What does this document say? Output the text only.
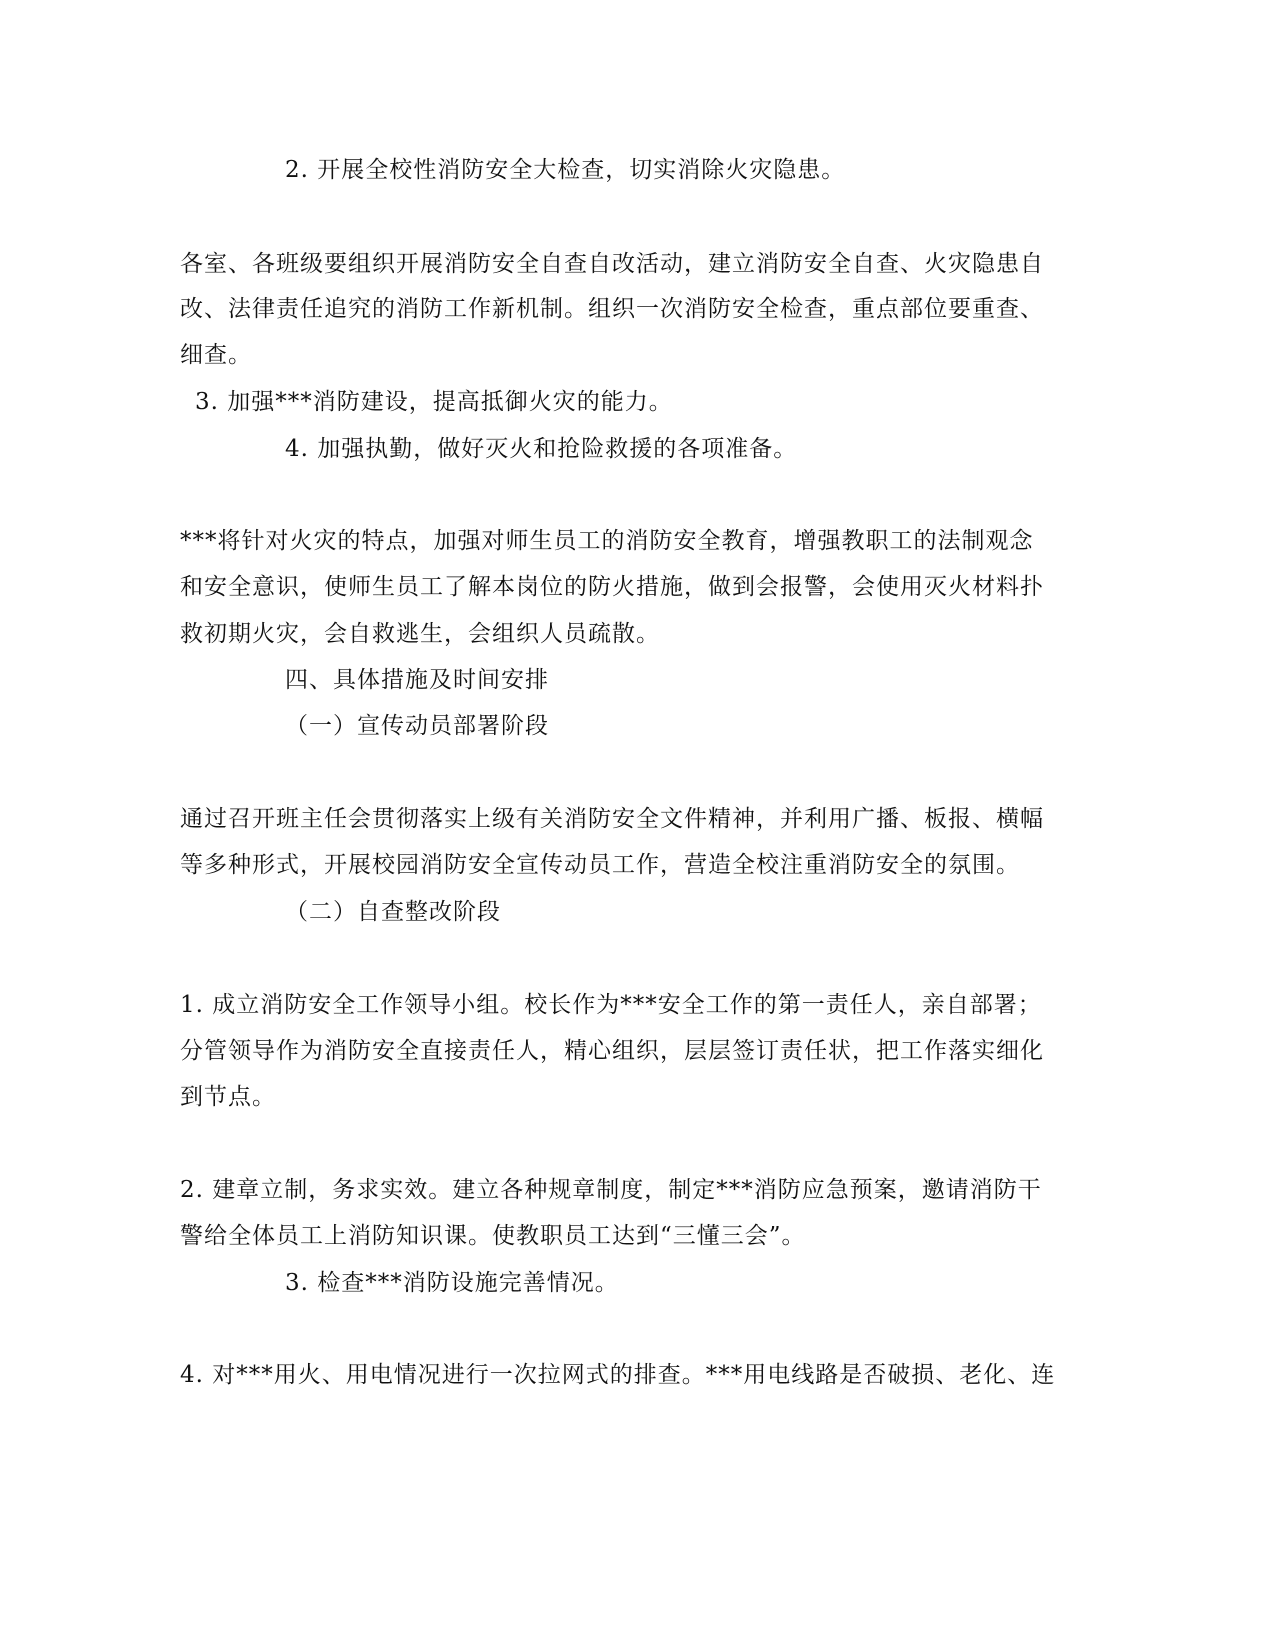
2. 开展全校性消防安全大检查，切实消除火灾隐患。
各室、各班级要组织开展消防安全自查自改活动，建立消防安全自查、火灾隐患自
改、法律责任追究的消防工作新机制。组织一次消防安全检查，重点部位要重查、
细查。
3. 加强***消防建设，提高抵御火灾的能力。
4. 加强执勤，做好灭火和抢险救援的各项准备。
***将针对火灾的特点，加强对师生员工的消防安全教育，增强教职工的法制观念
和安全意识，使师生员工了解本岗位的防火措施，做到会报警，会使用灭火材料扑
救初期火灾，会自救逃生，会组织人员疏散。
四、具体措施及时间安排
（一）宣传动员部署阶段
通过召开班主任会贯彻落实上级有关消防安全文件精神，并利用广播、板报、横幅
等多种形式，开展校园消防安全宣传动员工作，营造全校注重消防安全的氛围。
（二）自查整改阶段
1. 成立消防安全工作领导小组。校长作为***安全工作的第一责任人，亲自部署；
分管领导作为消防安全直接责任人，精心组织，层层签订责任状，把工作落实细化
到节点。
2. 建章立制，务求实效。建立各种规章制度，制定***消防应急预案，邀请消防干
警给全体员工上消防知识课。使教职员工达到“三懂三会”。
3. 检查***消防设施完善情况。
4. 对***用火、用电情况进行一次拉网式的排查。***用电线路是否破损、老化、连
